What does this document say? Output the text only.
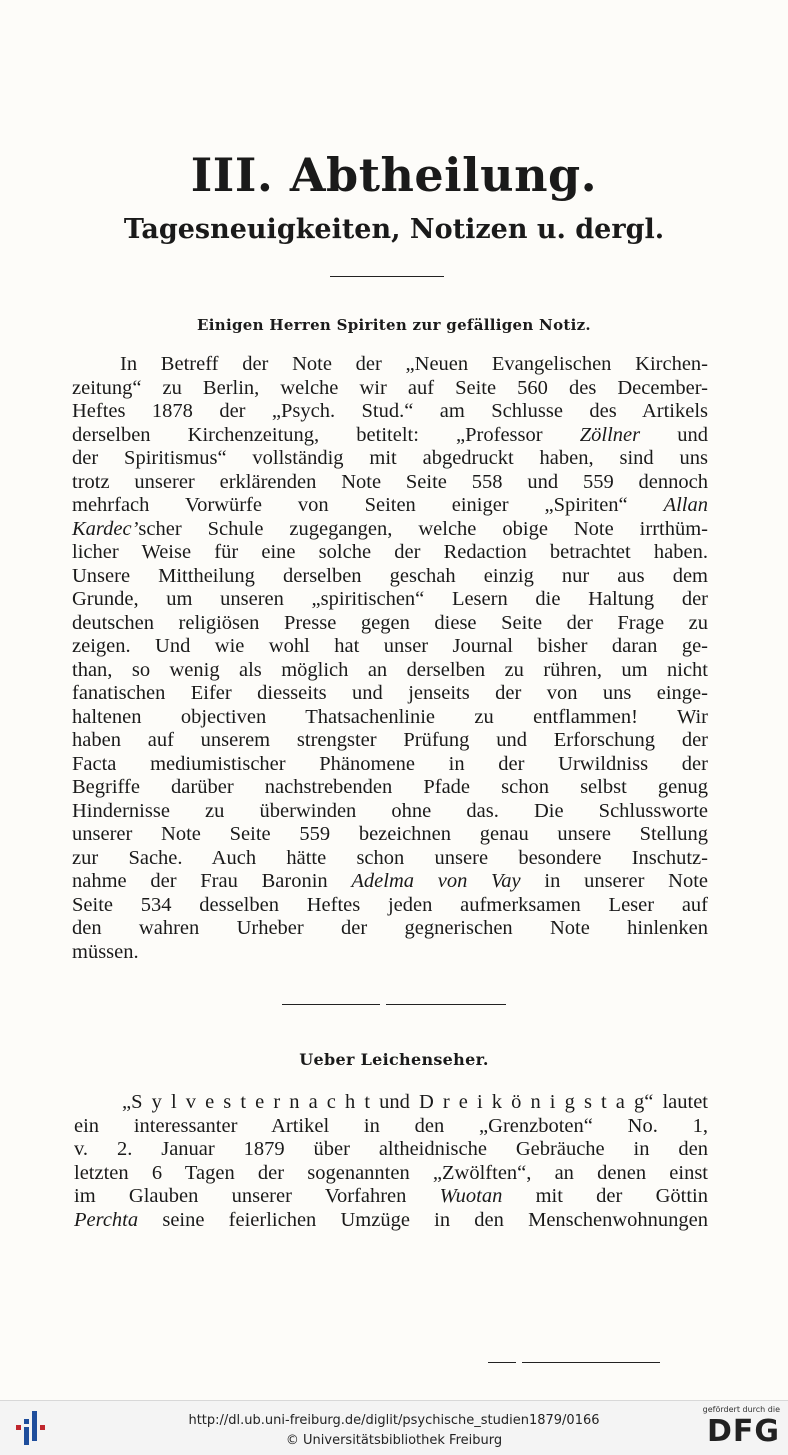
III. Abtheilung.
Tagesneuigkeiten, Notizen u. dergl.
Einigen Herren Spiriten zur gefälligen Notiz.
In Betreff der Note der „Neuen Evangelischen Kirchen-
zeitung“ zu Berlin, welche wir auf Seite 560 des December-
Heftes 1878 der „Psych. Stud.“ am Schlusse des Artikels
derselben Kirchenzeitung, betitelt: „Professor Zöllner und
der Spiritismus“ vollständig mit abgedruckt haben, sind uns
trotz unserer erklärenden Note Seite 558 und 559 dennoch
mehrfach Vorwürfe von Seiten einiger „Spiriten“ Allan
Kardec’scher Schule zugegangen, welche obige Note irrthüm-
licher Weise für eine solche der Redaction betrachtet haben.
Unsere Mittheilung derselben geschah einzig nur aus dem
Grunde, um unseren „spiritischen“ Lesern die Haltung der
deutschen religiösen Presse gegen diese Seite der Frage zu
zeigen. Und wie wohl hat unser Journal bisher daran ge-
than, so wenig als möglich an derselben zu rühren, um nicht
fanatischen Eifer diesseits und jenseits der von uns einge-
haltenen objectiven Thatsachenlinie zu entflammen! Wir
haben auf unserem strengster Prüfung und Erforschung der
Facta mediumistischer Phänomene in der Urwildniss der
Begriffe darüber nachstrebenden Pfade schon selbst genug
Hindernisse zu überwinden ohne das. Die Schlussworte
unserer Note Seite 559 bezeichnen genau unsere Stellung
zur Sache. Auch hätte schon unsere besondere Inschutz-
nahme der Frau Baronin Adelma von Vay in unserer Note
Seite 534 desselben Heftes jeden aufmerksamen Leser auf
den wahren Urheber der gegnerischen Note hinlenken
müssen.
Ueber Leichenseher.
„S y l v e s t e r n a c h t und D r e i k ö n i g s t a g“ lautet
ein interessanter Artikel in den „Grenzboten“ No. 1,
v. 2. Januar 1879 über altheidnische Gebräuche in den
letzten 6 Tagen der sogenannten „Zwölften“, an denen einst
im Glauben unserer Vorfahren Wuotan mit der Göttin
Perchta seine feierlichen Umzüge in den Menschenwohnungen
http://dl.ub.uni-freiburg.de/diglit/psychische_studien1879/0166
© Universitätsbibliothek Freiburg
gefördert durch die
DFG
